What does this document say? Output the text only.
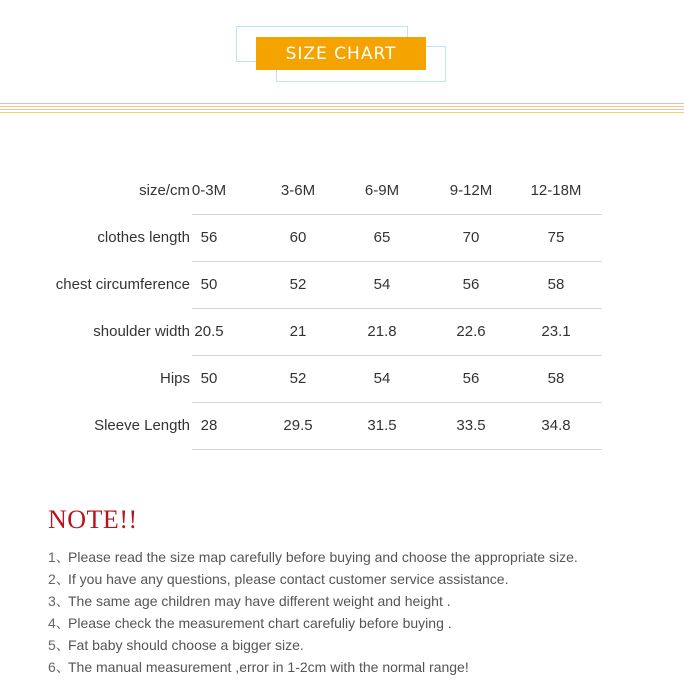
SIZE CHART
size/cm 0-3M	3-6M	6-9M	9-12M	12-18M
clothes length 56	60	65	70	75
chest circumference 50	52	54	56	58
shoulder width 20.5	21	21.8	22.6	23.1
Hips 50	52	54	56	58
Sleeve Length 28	29.5	31.5	33.5	34.8
NOTE!!
1、Please read the size map carefully before buying and choose the appropriate size.
2、If you have any questions, please contact customer service assistance.
3、The same age children may have different weight and height .
4、Please check the measurement chart carefuliy before buying .
5、Fat baby should choose a bigger size.
6、The manual measurement ,error in 1-2cm with the normal range!
